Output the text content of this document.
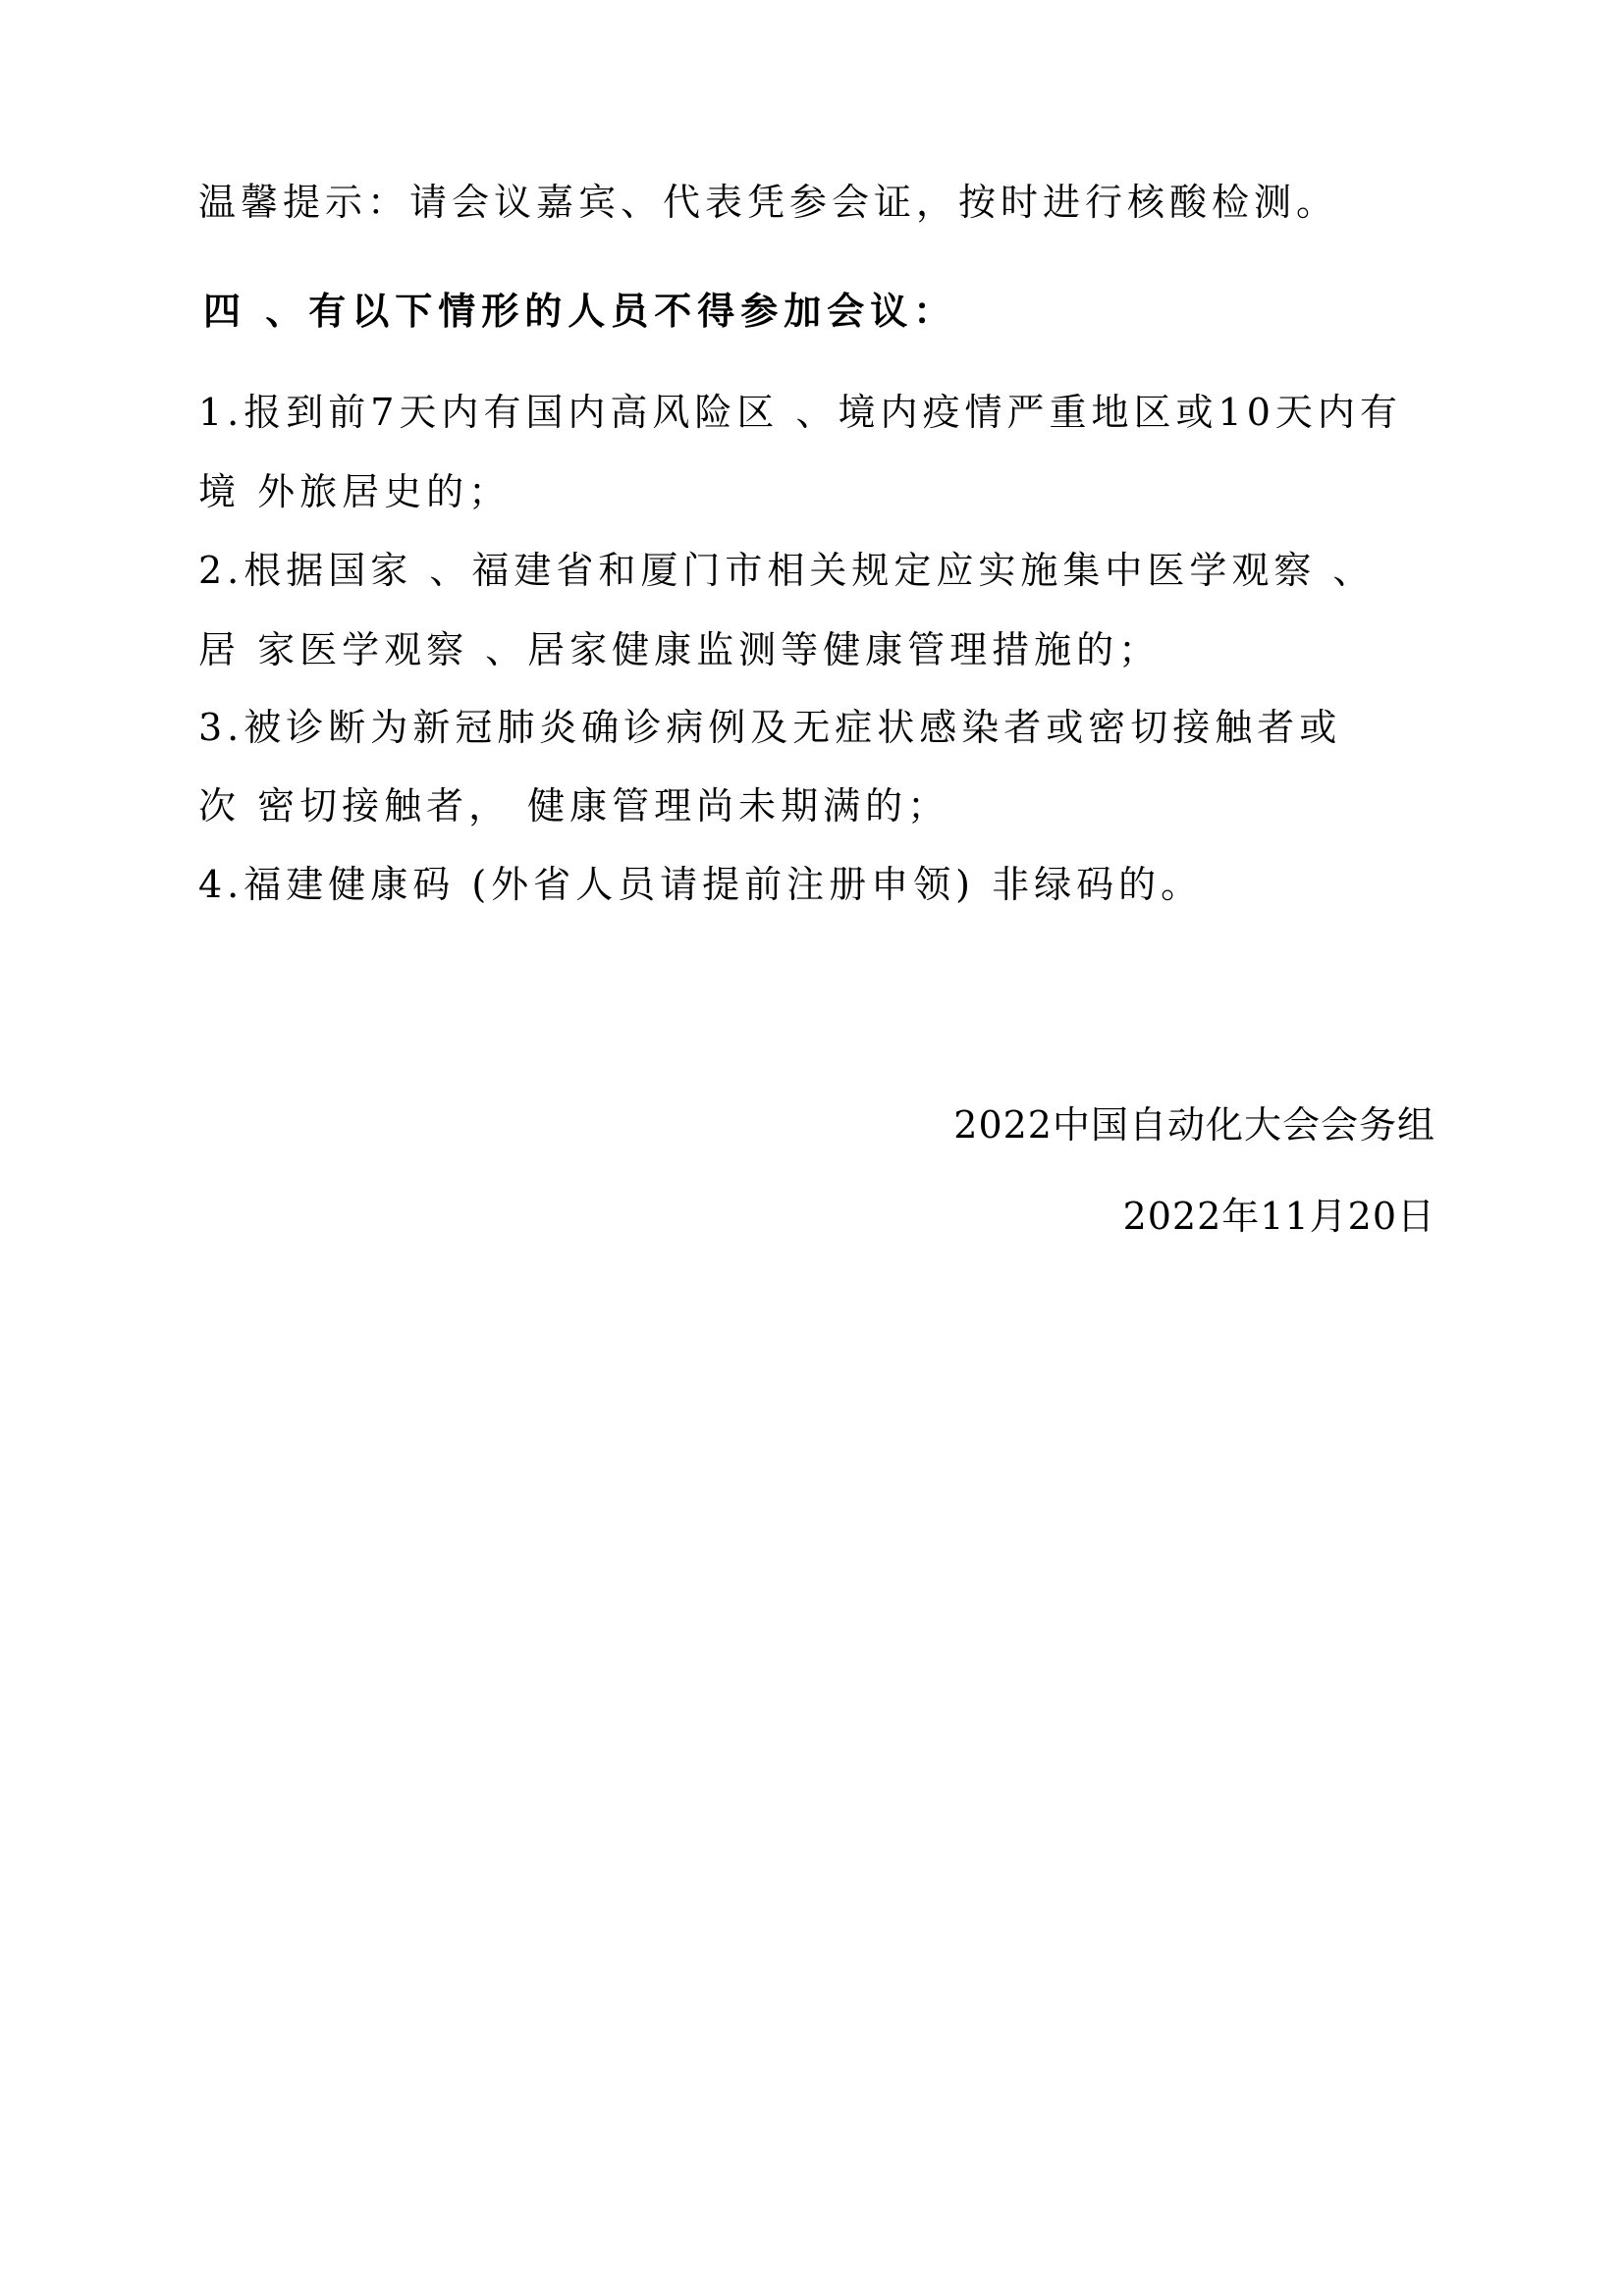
温馨提示：请会议嘉宾、代表凭参会证，按时进行核酸检测。
四 、有以下情形的人员不得参加会议：
1.报到前7天内有国内高风险区 、境内疫情严重地区或10天内有
境 外旅居史的；
2.根据国家 、福建省和厦门市相关规定应实施集中医学观察 、
居 家医学观察 、居家健康监测等健康管理措施的；
3.被诊断为新冠肺炎确诊病例及无症状感染者或密切接触者或
次 密切接触者， 健康管理尚未期满的；
4.福建健康码 (外省人员请提前注册申领) 非绿码的。
2022中国自动化大会会务组
2022年11月20日
